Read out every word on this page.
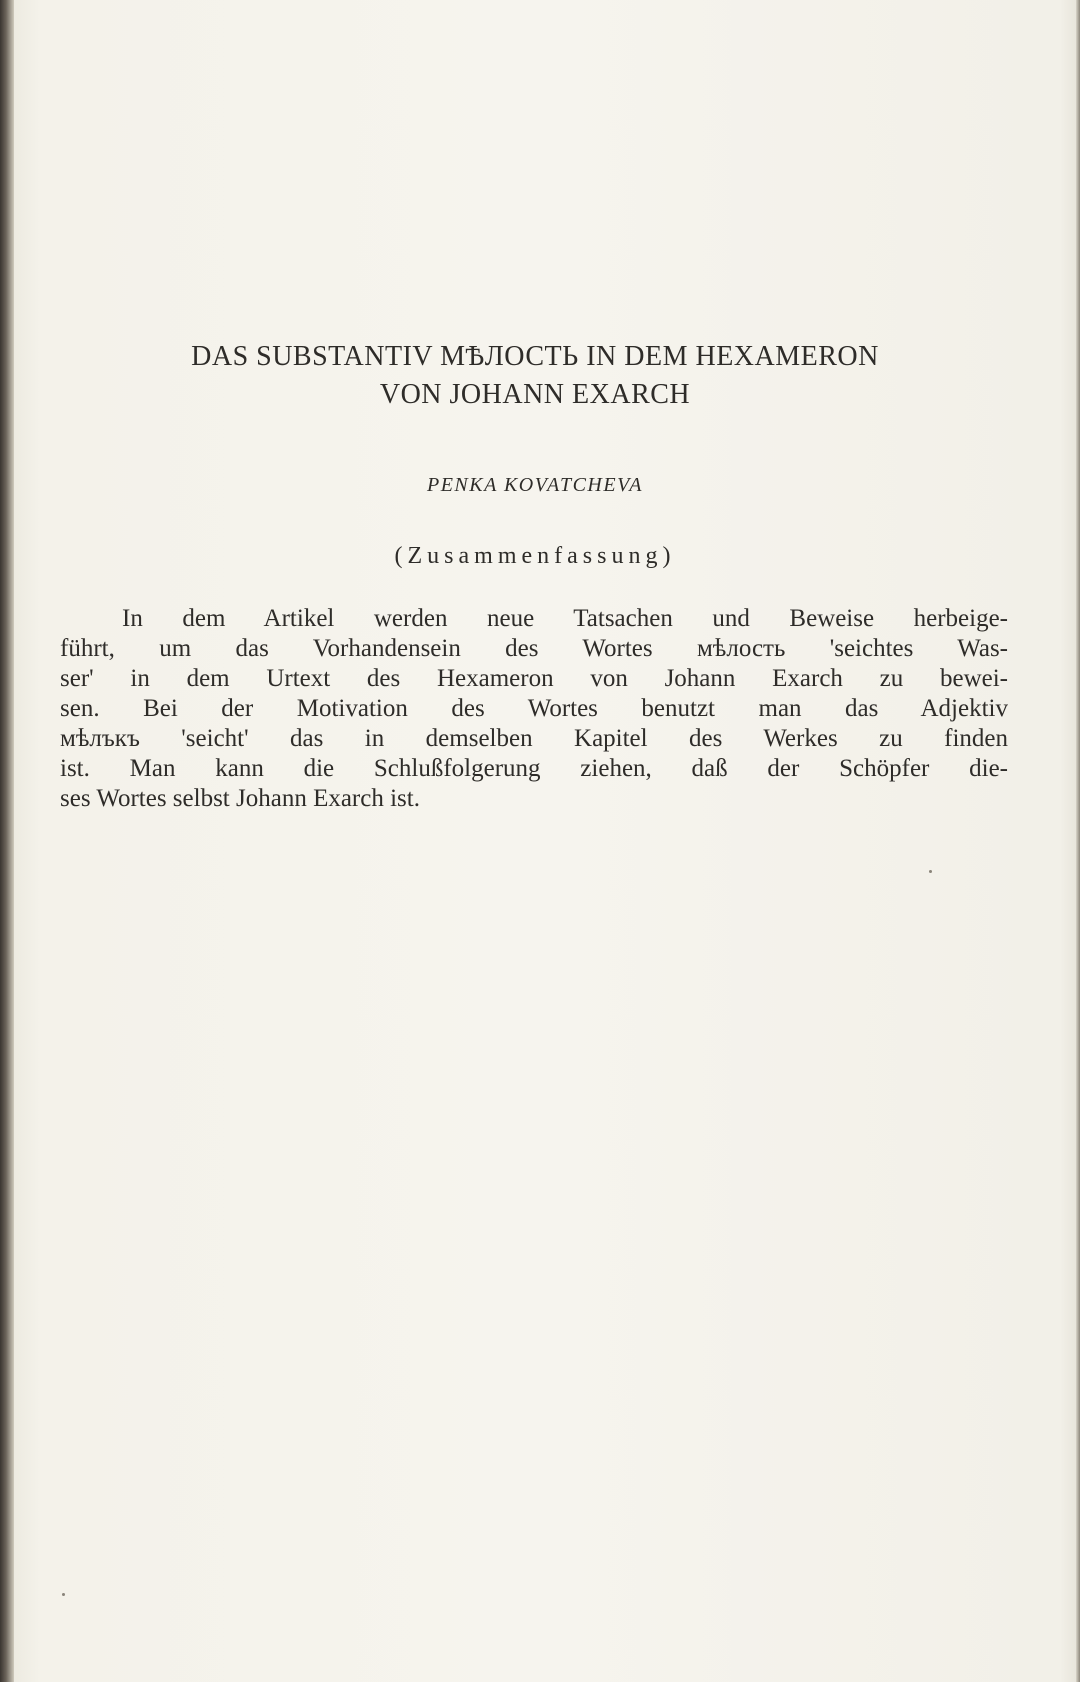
DAS SUBSTANTIV МѢЛОСТЬ IN DEM HEXAMERON
VON JOHANN EXARCH

PENKA KOVATCHEVA

(Zusammenfassung)

In dem Artikel werden neue Tatsachen und Beweise herbeige-
führt, um das Vorhandensein des Wortes мѣлость 'seichtes Was-
ser' in dem Urtext des Hexameron von Johann Exarch zu bewei-
sen. Bei der Motivation des Wortes benutzt man das Adjektiv
мѣлъкъ 'seicht' das in demselben Kapitel des Werkes zu finden
ist. Man kann die Schlußfolgerung ziehen, daß der Schöpfer die-
ses Wortes selbst Johann Exarch ist.
